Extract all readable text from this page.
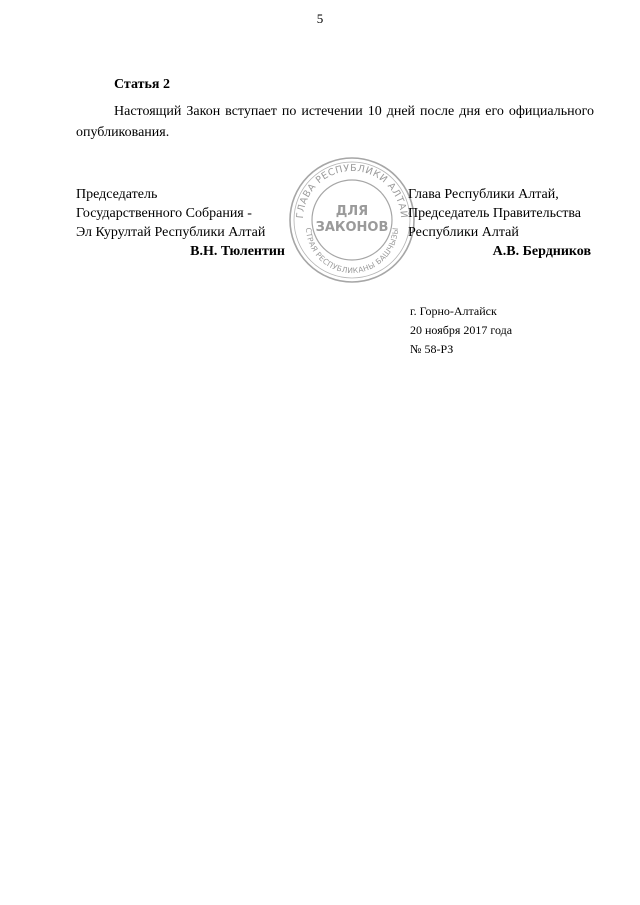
5
Статья 2
Настоящий Закон вступает по истечении 10 дней после дня его официального опубликования.
Председатель
Государственного Собрания -
Эл Курултай Республики Алтай
В.Н. Тюлентин
ГЛАВА РЕСПУБЛИКИ АЛТАЙ
СТРАЯ РЕСПУБЛИКАНЫ БАШЧЫЗЫ
ДЛЯ
ЗАКОНОВ
Глава Республики Алтай,
Председатель Правительства
Республики Алтай
А.В. Бердников
г. Горно-Алтайск
20 ноября 2017 года
№ 58-РЗ
